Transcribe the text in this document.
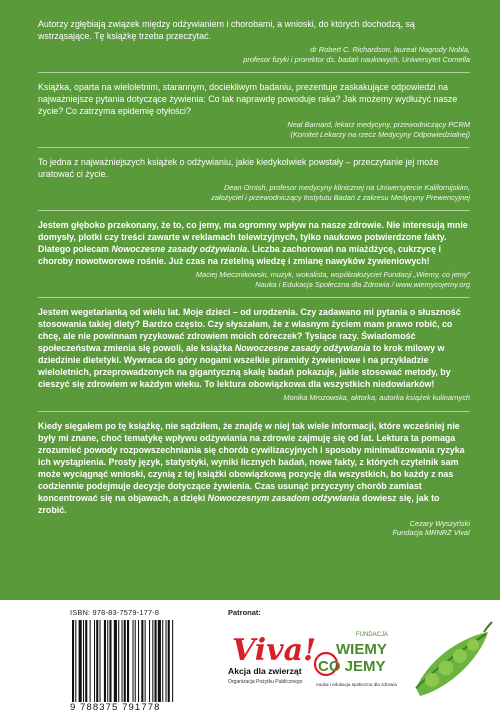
Autorzy zgłębiają związek między odżywianiem i chorobami, a wnioski, do których dochodzą, są wstrząsające. Tę książkę trzeba przeczytać.

dr Robert C. Richardson, laureat Nagrody Nobla,
profesor fizyki i prorektor ds. badań naukowych, Uniwersytet Cornella

Książka, oparta na wieloletnim, starannym, dociekliwym badaniu, prezentuje zaskakujące odpowiedzi na najważniejsze pytania dotyczące żywienia: Co tak naprawdę powoduje raka? Jak możemy wydłużyć nasze życie? Co zatrzyma epidemię otyłości?

Neal Barnard, lekarz medycyny, przewodniczący PCRM
(Komitet Lekarzy na rzecz Medycyny Odpowiedzialnej)

To jedna z najważniejszych książek o odżywianiu, jakie kiedykolwiek powstały – przeczytanie jej może uratować ci życie.

Dean Ornish, profesor medycyny klinicznej na Uniwersytecie Kalifornijskim,
założyciel i przewodniczący Instytutu Badań z zakresu Medycyny Prewencyjnej

Jestem głęboko przekonany, że to, co jemy, ma ogromny wpływ na nasze zdrowie. Nie interesują mnie domysły, plotki czy treści zawarte w reklamach telewizyjnych, tylko naukowo potwierdzone fakty. Dlatego polecam Nowoczesne zasady odżywiania. Liczba zachorowań na miażdżycę, cukrzycę i choroby nowotworowe rośnie. Już czas na rzetelną wiedzę i zmianę nawyków żywieniowych!

Maciej Miecznikowski, muzyk, wokalista, współzałożyciel Fundacji „Wiemy, co jemy”
Nauka i Edukacja Społeczna dla Zdrowia / www.wiemycojemy.org

Jestem wegetarianką od wielu lat. Moje dzieci – od urodzenia. Czy zadawano mi pytania o słuszność stosowania takiej diety? Bardzo często. Czy słyszałam, że z własnym życiem mam prawo robić, co chcę, ale nie powinnam ryzykować zdrowiem moich córeczek? Tysiące razy. Świadomość społeczeństwa zmienia się powoli, ale książka Nowoczesne zasady odżywiania to krok milowy w dziedzinie dietetyki. Wywraca do góry nogami wszelkie piramidy żywieniowe i na przykładzie wieloletnich, przeprowadzonych na gigantyczną skalę badań pokazuje, jakie stosować metody, by cieszyć się zdrowiem w każdym wieku. To lektura obowiązkowa dla wszystkich niedowiarków!

Monika Mrozowska, aktorka, autorka książek kulinarnych

Kiedy sięgałem po tę książkę, nie sądziłem, że znajdę w niej tak wiele informacji, które wcześniej nie były mi znane, choć tematykę wpływu odżywiania na zdrowie zajmuję się od lat. Lektura ta pomaga zrozumieć powody rozpowszechniania się chorób cywilizacyjnych i sposoby minimalizowania ryzyka ich wystąpienia. Prosty język, statystyki, wyniki licznych badań, nowe fakty, z których czytelnik sam może wyciągnąć wnioski, czynią z tej książki obowiązkową pozycję dla wszystkich, bo każdy z nas codziennie podejmuje decyzje dotyczące żywienia. Czas usunąć przyczyny chorób zamiast koncentrować się na objawach, a dzięki Nowoczesnym zasadom odżywiania dowiesz się, jak to zrobić.

Cezary Wyszyński
Fundacja MRNRZ Viva!
ISBN: 978-83-7579-177-8
9 788375 791778
Patronat:
Viva!
Akcja dla zwierząt
Organizacja Pożytku Publicznego
FUNDACJA
WIEMY
CO JEMY
nauka i edukacja społeczna dla zdrowia
